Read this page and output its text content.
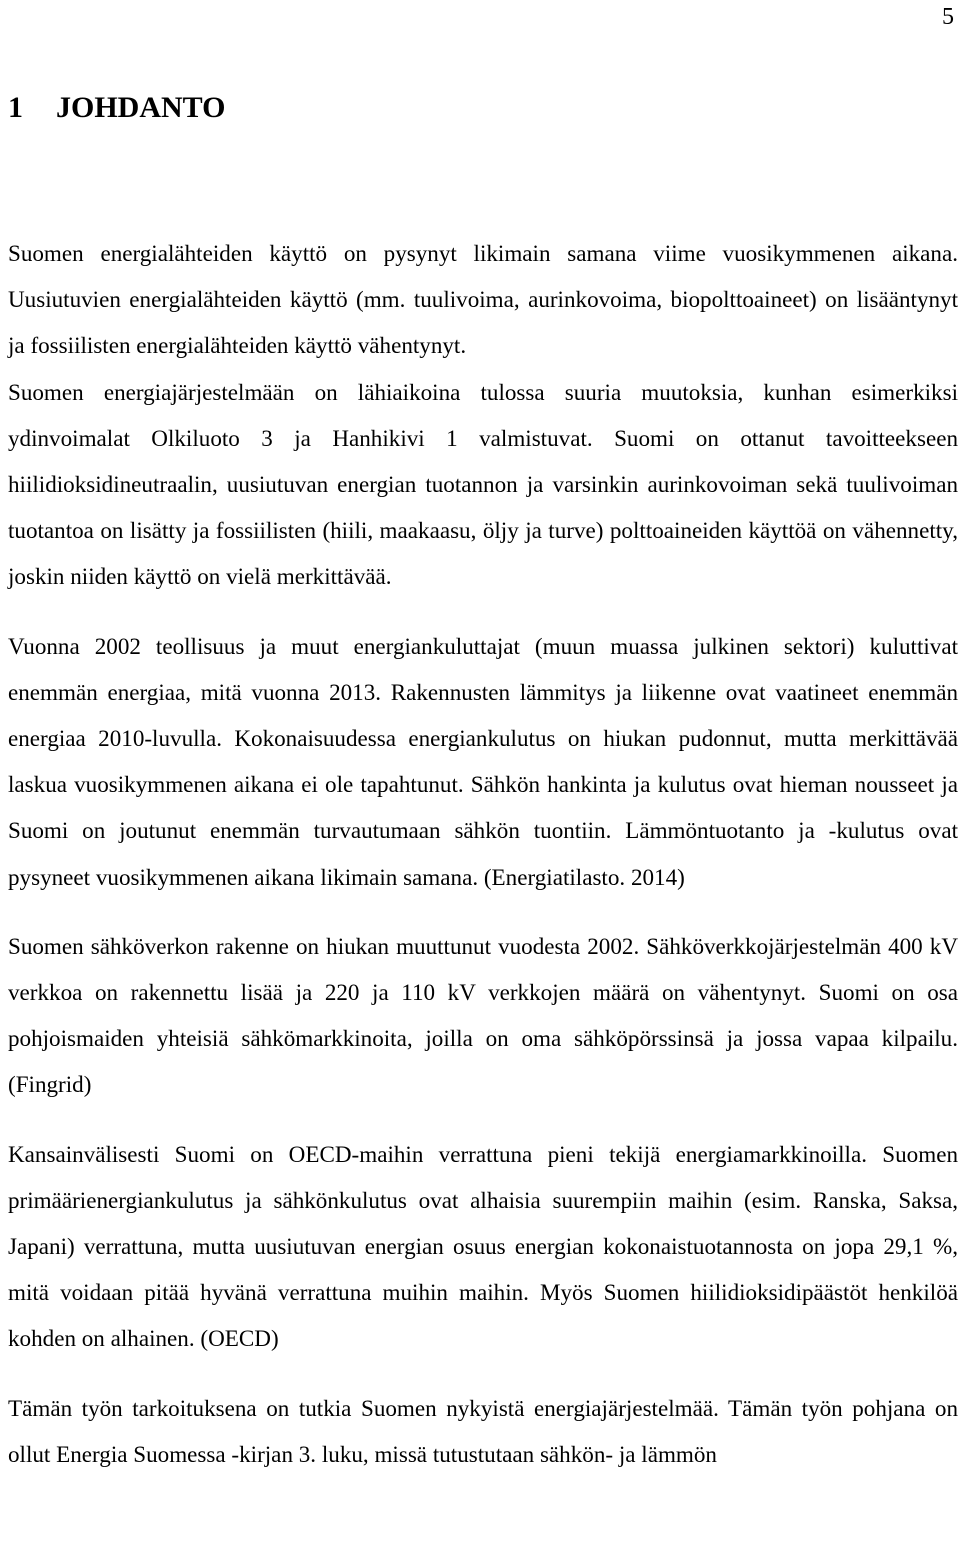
5
1 JOHDANTO

Suomen energialähteiden käyttö on pysynyt likimain samana viime vuosikymmenen aikana. Uusiutuvien energialähteiden käyttö (mm. tuulivoima, aurinkovoima, biopolttoaineet) on lisääntynyt ja fossiilisten energialähteiden käyttö vähentynyt.

Suomen energiajärjestelmään on lähiaikoina tulossa suuria muutoksia, kunhan esimerkiksi ydinvoimalat Olkiluoto 3 ja Hanhikivi 1 valmistuvat. Suomi on ottanut tavoitteekseen hiilidioksidineutraalin, uusiutuvan energian tuotannon ja varsinkin aurinkovoiman sekä tuulivoiman tuotantoa on lisätty ja fossiilisten (hiili, maakaasu, öljy ja turve) polttoaineiden käyttöä on vähennetty, joskin niiden käyttö on vielä merkittävää.

Vuonna 2002 teollisuus ja muut energiankuluttajat (muun muassa julkinen sektori) kuluttivat enemmän energiaa, mitä vuonna 2013. Rakennusten lämmitys ja liikenne ovat vaatineet enemmän energiaa 2010-luvulla. Kokonaisuudessa energiankulutus on hiukan pudonnut, mutta merkittävää laskua vuosikymmenen aikana ei ole tapahtunut. Sähkön hankinta ja kulutus ovat hieman nousseet ja Suomi on joutunut enemmän turvautumaan sähkön tuontiin. Lämmöntuotanto ja -kulutus ovat pysyneet vuosikymmenen aikana likimain samana. (Energiatilasto. 2014)

Suomen sähköverkon rakenne on hiukan muuttunut vuodesta 2002. Sähköverkkojärjestelmän 400 kV verkkoa on rakennettu lisää ja 220 ja 110 kV verkkojen määrä on vähentynyt. Suomi on osa pohjoismaiden yhteisiä sähkömarkkinoita, joilla on oma sähköpörssinsä ja jossa vapaa kilpailu. (Fingrid)

Kansainvälisesti Suomi on OECD-maihin verrattuna pieni tekijä energiamarkkinoilla. Suomen primäärienergiankulutus ja sähkönkulutus ovat alhaisia suurempiin maihin (esim. Ranska, Saksa, Japani) verrattuna, mutta uusiutuvan energian osuus energian kokonaistuotannosta on jopa 29,1 %, mitä voidaan pitää hyvänä verrattuna muihin maihin. Myös Suomen hiilidioksidipäästöt henkilöä kohden on alhainen. (OECD)

Tämän työn tarkoituksena on tutkia Suomen nykyistä energiajärjestelmää. Tämän työn pohjana on ollut Energia Suomessa -kirjan 3. luku, missä tutustutaan sähkön- ja lämmön
